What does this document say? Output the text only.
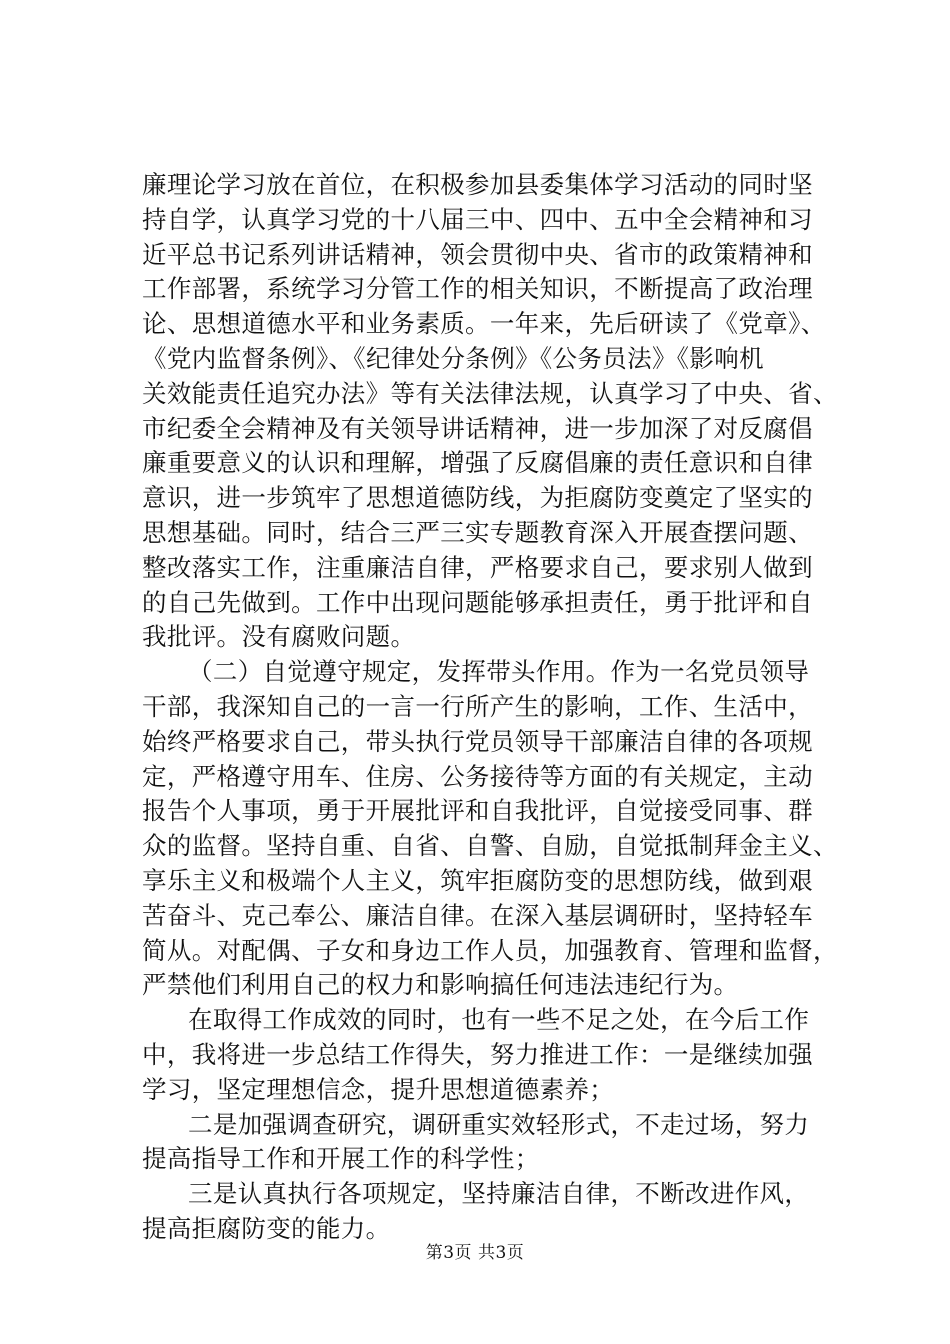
廉理论学习放在首位，在积极参加县委集体学习活动的同时坚
持自学，认真学习党的十八届三中、四中、五中全会精神和习
近平总书记系列讲话精神，领会贯彻中央、省市的政策精神和
工作部署，系统学习分管工作的相关知识，不断提高了政治理
论、思想道德水平和业务素质。一年来，先后研读了《党章》、
《党内监督条例》、《纪律处分条例》《公务员法》《影响机
关效能责任追究办法》等有关法律法规，认真学习了中央、省、
市纪委全会精神及有关领导讲话精神，进一步加深了对反腐倡
廉重要意义的认识和理解，增强了反腐倡廉的责任意识和自律
意识，进一步筑牢了思想道德防线，为拒腐防变奠定了坚实的
思想基础。同时，结合三严三实专题教育深入开展查摆问题、
整改落实工作，注重廉洁自律，严格要求自己，要求别人做到
的自己先做到。工作中出现问题能够承担责任，勇于批评和自
我批评。没有腐败问题。
（二）自觉遵守规定，发挥带头作用。作为一名党员领导
干部，我深知自己的一言一行所产生的影响，工作、生活中，
始终严格要求自己，带头执行党员领导干部廉洁自律的各项规
定，严格遵守用车、住房、公务接待等方面的有关规定，主动
报告个人事项，勇于开展批评和自我批评，自觉接受同事、群
众的监督。坚持自重、自省、自警、自励，自觉抵制拜金主义、
享乐主义和极端个人主义，筑牢拒腐防变的思想防线，做到艰
苦奋斗、克己奉公、廉洁自律。在深入基层调研时，坚持轻车
简从。对配偶、子女和身边工作人员，加强教育、管理和监督，
严禁他们利用自己的权力和影响搞任何违法违纪行为。
在取得工作成效的同时，也有一些不足之处，在今后工作
中，我将进一步总结工作得失，努力推进工作：一是继续加强
学习，坚定理想信念，提升思想道德素养；
二是加强调查研究，调研重实效轻形式，不走过场，努力
提高指导工作和开展工作的科学性；
三是认真执行各项规定，坚持廉洁自律，不断改进作风，
提高拒腐防变的能力。
第3页 共3页
